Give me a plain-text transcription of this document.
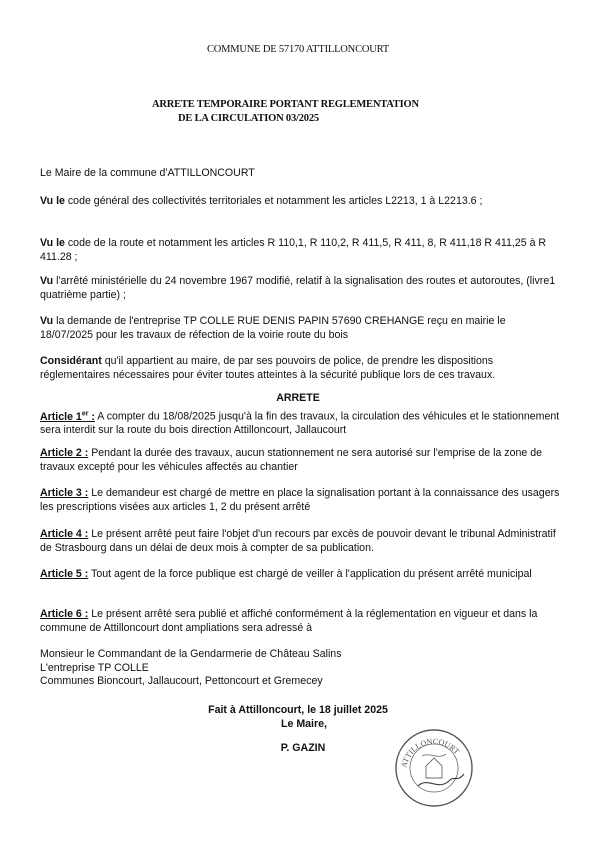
COMMUNE DE 57170 ATTILLONCOURT
ARRETE TEMPORAIRE PORTANT REGLEMENTATION
DE LA CIRCULATION 03/2025
Le Maire de la commune d'ATTILLONCOURT
Vu le code général des collectivités territoriales et notamment les articles L2213, 1 à L2213.6 ;
Vu le code de la route et notamment les articles R 110,1, R 110,2, R 411,5, R 411, 8, R 411,18 R 411,25 à R 411.28 ;
Vu l'arrêté ministérielle du 24 novembre 1967 modifié, relatif à la signalisation des routes et autoroutes, (livre1 quatrième partie) ;
Vu la demande de l'entreprise TP COLLE RUE DENIS PAPIN 57690 CREHANGE reçu en mairie le 18/07/2025 pour les travaux de réfection de la voirie route du bois
Considérant qu'il appartient au maire, de par ses pouvoirs de police, de prendre les dispositions réglementaires nécessaires pour éviter toutes atteintes à la sécurité publique lors de ces travaux.
ARRETE
Article 1er : A compter du 18/08/2025 jusqu'à la fin des travaux, la circulation des véhicules et le stationnement sera interdit sur la route du bois direction Attilloncourt, Jallaucourt
Article 2 : Pendant la durée des travaux, aucun stationnement ne sera autorisé sur l'emprise de la zone de travaux excepté pour les véhicules affectés au chantier
Article 3 : Le demandeur est chargé de mettre en place la signalisation portant à la connaissance des usagers les prescriptions visées aux articles 1, 2 du présent arrêté
Article 4 : Le présent arrêté peut faire l'objet d'un recours par excès de pouvoir devant le tribunal Administratif de Strasbourg dans un délai de deux mois à compter de sa publication.
Article 5 : Tout agent de la force publique est chargé de veiller à l'application du présent arrêté municipal
Article 6 : Le présent arrêté sera publié et affiché conformément à la réglementation en vigueur et dans la commune de Attilloncourt dont ampliations sera adressé à
Monsieur le Commandant de la Gendarmerie de Château Salins
L'entreprise TP COLLE
Communes Bioncourt, Jallaucourt, Pettoncourt et Gremecey
Fait à Attilloncourt, le 18 juillet 2025
Le Maire,
P. GAZIN
ATTILLONCOURT
